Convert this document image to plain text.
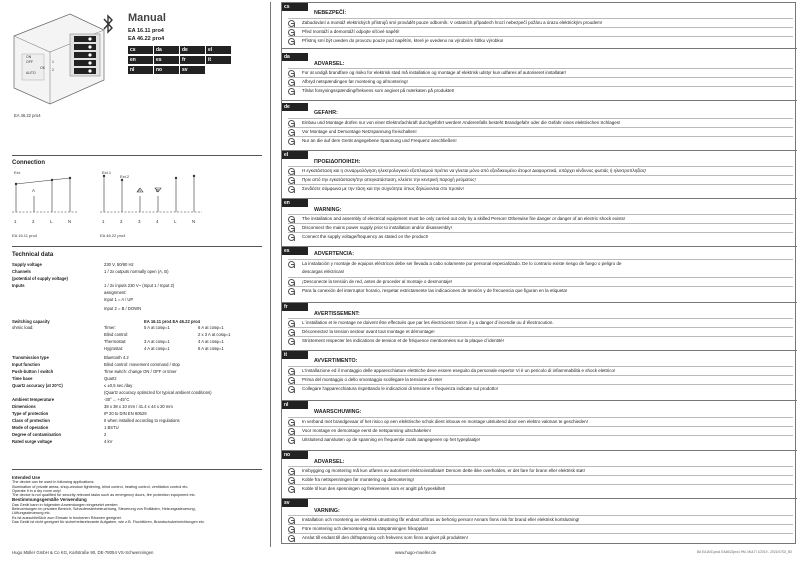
ON
OFF
OK
AUTO
1
2
EA 46.22 pro4
Manual
EA 16.11 pro4
EA 46.22 pro4
cs	da	de	el
en	es	fr	it
nl	no	sv
Connection
Ext.
A
1	2	L	N
EA 16.11 pro4
Ext.1
Ext.2
A	B
1	2	3	4	L	N
EA 46.22 pro4
Technical data
Supply voltage	230 V, 50/60 Hz
Channels	1 / 2x outputs normally open (A, B)
(potential of supply voltage)
Inputs	1 / 2x inputs 230 V~ (Input 1 / Input 2)
assignment:
Input 1 = A / UP
Input 2 = B / DOWN
Switching capacity
ohmic load:
EA 16.11 pro4 EA 46.22 pro4
Timer:	5 A at cosφ=1	6 A at cosφ=1
Blind control:	2 x 3 A at cosφ=1
Thermostat:	3 A at cosφ=1	4 A at cosφ=1
Hygrostat:	4 A at cosφ=1	6 A at cosφ=1
Transmission type	Bluetooth 4.2
Input function	Blind control: movement command / stop
Push-button / switch	Time switch: change ON / OFF or timer
Time base	Quartz
Quartz accuracy (at 20°C)	≤ ±0,5 sec./day
(Quartz accuracy optimized for typical ambient conditions)
Ambient temperature	-30° ... +45°C
Dimensions	38 x 38 x 10 mm / 41.4 x 44 x 20 mm
Type of protection	IP 20 to DIN EN 60529
Class of protection	II when installed according to regulations
Mode of operation	1 BSTU
Degree of contamination	2
Rated surge voltage	4 kV
Intended Use
The device can be used in following applications:
Illumination of private areas, shop-window lightening, blind control, heating control, ventilation control etc.
Operate it in a dry room only!
The device is not qualified for security relevant tasks such as emergency doors, fire protection equipment etc.
Bestimmungsgemäße Verwendung
Das Gerät kann in folgenden Anwendungen eingesetzt werden:
Beleuchtungen im privaten Bereich, Schaufensterbeleuchtung, Steuerung von Rollläden, Heizungssteuerung,
Lüftungssteuerung etc.
Es ist ausschließlich zum Einsatz in trockenen Räumen geeignet.
Das Gerät ist nicht geeignet für sicherheitsrelevante Aufgaben, wie z.B. Fluchttüren, Brandschutzeinrichtungen etc.
Hugo Müller GmbH & Co KG, Karlstraße 90, DE-78054 VS-Schwenningen	www.hugo-mueller.de	BA EA16/11pro4 EA46/22pro4 HM, MULTI 1/2019 - 2021/07/02_B3
cs
NEBEZPEČÍ:
Zabudování a montáž elektrických přístrojů smí provádět pouze odborník. V ostatních případech hrozí nebezpečí požáru a úrazu elektrickým proudem!
Před montáží a demontáží odpojte síťové napětí!
Přístroj smí být uveden do provozu pouze pod napětím, které je uvedeno na výrobním štítku výrobku!
da
ADVARSEL:
For at undgå brandfare og risiko for elektrisk stød må installation og montage af elektrisk udstyr kun udføres af autoriseret installatør!
Afbryd netspændingen før montering og afmontering!
Tilslut forsyningsspænding/frekvens som angivet på mærkaten på produktet!
de
GEFAHR:
Einbau und Montage dürfen nur von einer Elektrofachkraft durchgeführt werden! Anderenfalls besteht Brandgefahr oder die Gefahr eines elektrischen Schlages!
Vor Montage und Demontage Netzspannung freischalten!
Nur an die auf dem Gerät angegebene Spannung und Frequenz anschließen!
el
ΠΡΟΕΙΔΟΠΟΙΗΣΗ:
Η εγκατάσταση και η συναρμολόγηση ηλεκτρολογικού εξοπλισμού πρέπει να γίνεται μόνο από εξειδικευμένο άτομο! Διαφορετικά, υπάρχει κίνδυνος φωτιάς ή ηλεκτροπληξίας!
Πριν από την εγκατάσταση/την απεγκατάσταση, κλείστε την κεντρική παροχή ρεύματος!
Συνδέστε σύμφωνα με την τάση και την συχνότητα όπως δηλώνονται στο προϊόν!
en
WARNING:
The installation and assembly of electrical equipment must be only carried out only by a skilled Person! Otherwise fire danger or danger of an electric shock exists!
Disconnect the mains power supply prior to installation and/or disassembly!
Connect the supply voltage/frequency as stated on the product!
es	ADVERTENCIA:
La instalación y montaje de equipos eléctricos debe ser llevada a cabo solamente por personal especializado. De lo contrario existe riesgo de fuego o peligro de
descargas eléctricas!
¡Desconecte la tensión de red, antes de proceder al montaje o desmontaje!
Para la conexión del interruptor horario, respetar estrictamente las indicaciones de tensión y de frecuencia que figuran en la etiqueta!
fr
AVERTISSEMENT:
L´installation et le montage ne doivent être effectués que par les électriciens! Sinon il y a danger d´incendie ou d´électrocution.
Déconnectez la tension secteur avant tout montage et démontage!
Strictement respecter les indications de tension et de fréquence mentionnées sur la plaque d´identité!
it
AVVERTIMENTO:
L'installazione ed il montaggio delle apparecchiature elettriche deve essere eseguito da personale esperto! Vi è un pericolo di infiammabilità e shock elettrico!
Prima del montaggio o dello smontaggio scollegare la tensione di rete!
Collegare l'apparecchiatura rispettando le indicazioni di tensione e frequenza indicate sul prodotto!
nl
WAARSCHUWING:
In verband met brandgevaar of het risico op een elektrische schok dient inbouw en montage uitsluitend door een elektro vakman te geschieden!
Voor montage en demontage eerst de netspanning uitschakelen!
Uitsluitend aansluiten op de spanning en frequentie zoals aangegeven op het typeplaatje!
no
ADVARSEL:
Innbygging og montering må kun utføres av autorisert elektroinstallatør! Dersom dette ikke overholdes, er det fare for brann eller elektrisk støt!
Koble fra nettspenningen før montering og demontering!
Koble til kun den spenningen og frekvensen som er angitt på typeskiltet!
sv
VARNING:
Installation och montering av elektrisk utrustning får endast utföras av behörig person! Annars finns risk för brand eller elektrisk kortslutning!
Före montering och demontering ska nätspänningen frikopplas!
Anslut till endast till den driftspänning och frekvens som finns angivet på produkten!
